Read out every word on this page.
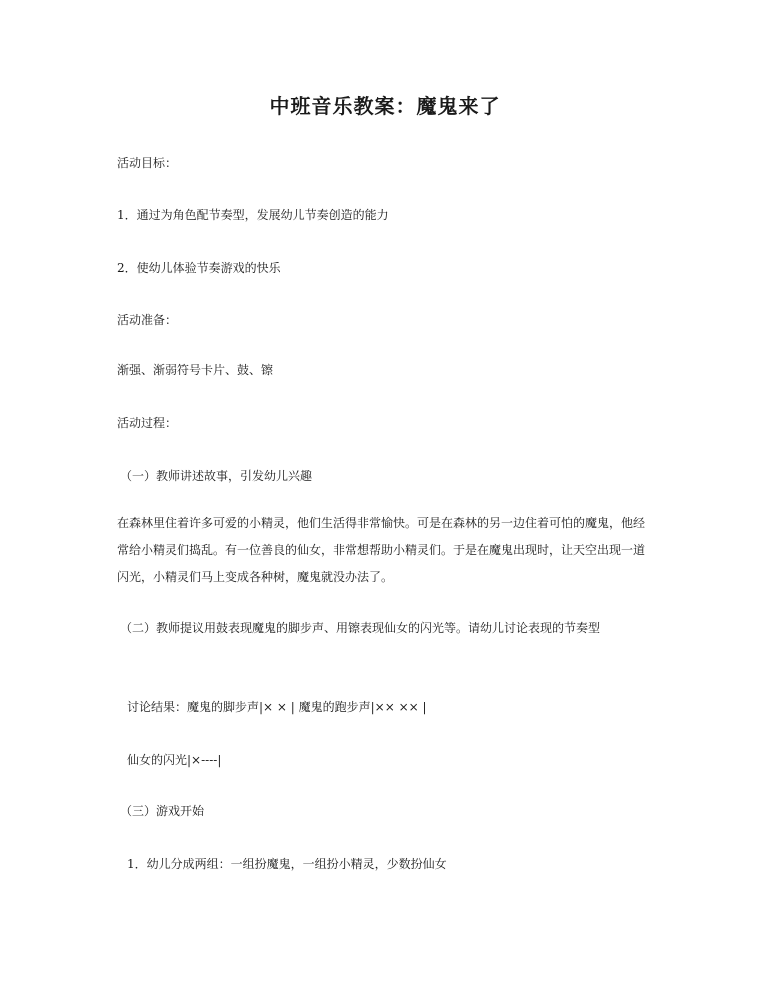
中班音乐教案：魔鬼来了
活动目标：
1．通过为角色配节奏型，发展幼儿节奏创造的能力
2．使幼儿体验节奏游戏的快乐
活动准备：
渐强、渐弱符号卡片、鼓、镲
活动过程：
（一）教师讲述故事，引发幼儿兴趣
在森林里住着许多可爱的小精灵，他们生活得非常愉快。可是在森林的另一边住着可怕的魔鬼，他经常给小精灵们捣乱。有一位善良的仙女，非常想帮助小精灵们。于是在魔鬼出现时，让天空出现一道闪光，小精灵们马上变成各种树，魔鬼就没办法了。
（二）教师提议用鼓表现魔鬼的脚步声、用镲表现仙女的闪光等。请幼儿讨论表现的节奏型
讨论结果：魔鬼的脚步声|× × | 魔鬼的跑步声|×× ×× |
仙女的闪光|×----|
（三）游戏开始
1．幼儿分成两组：一组扮魔鬼，一组扮小精灵，少数扮仙女
